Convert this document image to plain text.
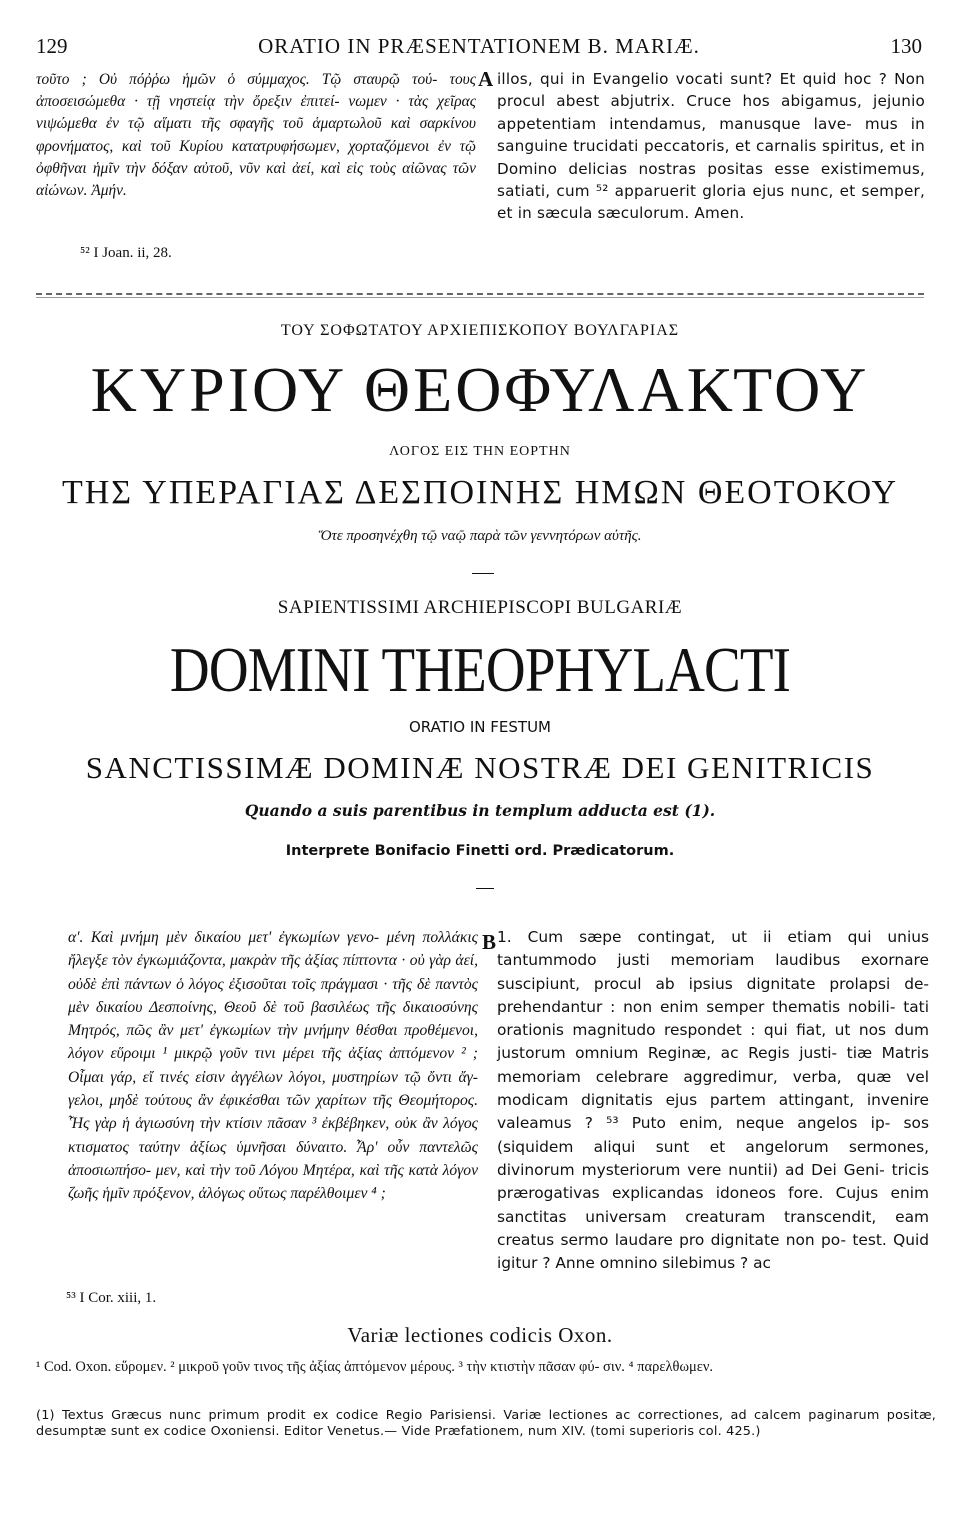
129	ORATIO IN PRÆSENTATIONEM B. MARIÆ.	130

τοῦτο ; Οὐ πόῤῥω ἡμῶν ὁ σύμμαχος. Τῷ σταυρῷ τού- τους ἀποσεισώμεθα · τῇ νηστείᾳ τὴν ὄρεξιν ἐπιτεί- νωμεν · τὰς χεῖρας νιψώμεθα ἐν τῷ αἵματι τῆς σφαγῆς τοῦ ἁμαρτωλοῦ καὶ σαρκίνου φρονήματος, καὶ τοῦ Κυρίου κατατρυφήσωμεν, χορταζόμενοι ἐν τῷ ὀφθῆναι ἡμῖν τὴν δόξαν αὐτοῦ, νῦν καὶ ἀεί, καὶ εἰς τοὺς αἰῶνας τῶν αἰώνων. Ἀμήν.

A illos, qui in Evangelio vocati sunt? Et quid hoc ? Non procul abest abjutrix. Cruce hos abigamus, jejunio appetentiam intendamus, manusque lave- mus in sanguine trucidati peccatoris, et carnalis spiritus, et in Domino delicias nostras positas esse existimemus, satiati, cum ⁵² apparuerit gloria ejus nunc, et semper, et in sæcula sæculorum. Amen.

⁵² I Joan. ii, 28.
ΤΟΥ ΣΟΦΩΤΑΤΟΥ ΑΡΧΙΕΠΙΣΚΟΠΟΥ ΒΟΥΛΓΑΡΙΑΣ
ΚΥΡΙΟΥ ΘΕΟΦΥΛΑΚΤΟΥ
ΛΟΓΟΣ ΕΙΣ ΤΗΝ ΕΟΡΤΗΝ
ΤΗΣ ΥΠΕΡΑΓΙΑΣ ΔΕΣΠΟΙΝΗΣ ΗΜΩΝ ΘΕΟΤΟΚΟΥ
Ὅτε προσηνέχθη τῷ ναῷ παρὰ τῶν γεννητόρων αὐτῆς.
SAPIENTISSIMI ARCHIEPISCOPI BULGARIÆ
DOMINI THEOPHYLACTI
ORATIO IN FESTUM
SANCTISSIMÆ DOMINÆ NOSTRÆ DEI GENITRICIS
Quando a suis parentibus in templum adducta est (1).
Interprete Bonifacio Finetti ord. Prædicatorum.

α'. Καὶ μνήμη μὲν δικαίου μετ' ἐγκωμίων γενο- μένη πολλάκις ἤλεγξε τὸν ἐγκωμιάζοντα, μακρὰν τῆς ἀξίας πίπτοντα · οὐ γὰρ ἀεί, οὐδὲ ἐπὶ πάντων ὁ λόγος ἐξισοῦται τοῖς πράγμασι · τῆς δὲ παντὸς μὲν δικαίου Δεσποίνης, Θεοῦ δὲ τοῦ βασιλέως τῆς δικαιοσύνης Μητρός, πῶς ἂν μετ' ἐγκωμίων τὴν μνήμην θέσθαι προθέμενοι, λόγον εὕροιμι ¹ μικρῷ γοῦν τινι μέρει τῆς ἀξίας ἀπτόμενον ² ; Οἶμαι γάρ, εἴ τινές εἰσιν ἀγγέλων λόγοι, μυστηρίων τῷ ὄντι ἄγ- γελοι, μηδὲ τούτους ἂν ἐφικέσθαι τῶν χαρίτων τῆς Θεομήτορος. Ἧς γὰρ ἡ ἁγιωσύνη τὴν κτίσιν πᾶσαν ³ ἐκβέβηκεν, οὐκ ἂν λόγος κτισματος ταύτην ἀξίως ὑμνῆσαι δύναιτο. Ἆρ' οὖν παντελῶς ἀποσιωπήσο- μεν, καὶ τὴν τοῦ Λόγου Μητέρα, καὶ τῆς κατὰ λόγον ζωῆς ἡμῖν πρόξενον, ἀλόγως οὕτως παρέλθοιμεν ⁴ ;

B 1. Cum sæpe contingat, ut ii etiam qui unius tantummodo justi memoriam laudibus exornare suscipiunt, procul ab ipsius dignitate prolapsi de- prehendantur : non enim semper thematis nobili- tati orationis magnitudo respondet : qui fiat, ut nos dum justorum omnium Reginæ, ac Regis justi- tiæ Matris memoriam celebrare aggredimur, verba, quæ vel modicam dignitatis ejus partem attingant, invenire valeamus ? ⁵³ Puto enim, neque angelos ip- sos (siquidem aliqui sunt et angelorum sermones, divinorum mysteriorum vere nuntii) ad Dei Geni- tricis prærogativas explicandas idoneos fore. Cujus enim sanctitas universam creaturam transcendit, eam creatus sermo laudare pro dignitate non po- test. Quid igitur ? Anne omnino silebimus ? ac

⁵³ I Cor. xiii, 1.
Variæ lectiones codicis Oxon.

¹ Cod. Oxon. εὕρομεν. ² μικροῦ γοῦν τινος τῆς ἀξίας ἁπτόμενον μέρους. ³ τὴν κτιστὴν πᾶσαν φύ- σιν. ⁴ παρελθωμεν.

(1) Textus Græcus nunc primum prodit ex codice Regio Parisiensi. Variæ lectiones ac correctiones, ad calcem paginarum positæ, desumptæ sunt ex codice Oxoniensi. Editor Venetus.— Vide Præfationem, num XIV. (tomi superioris col. 425.)
